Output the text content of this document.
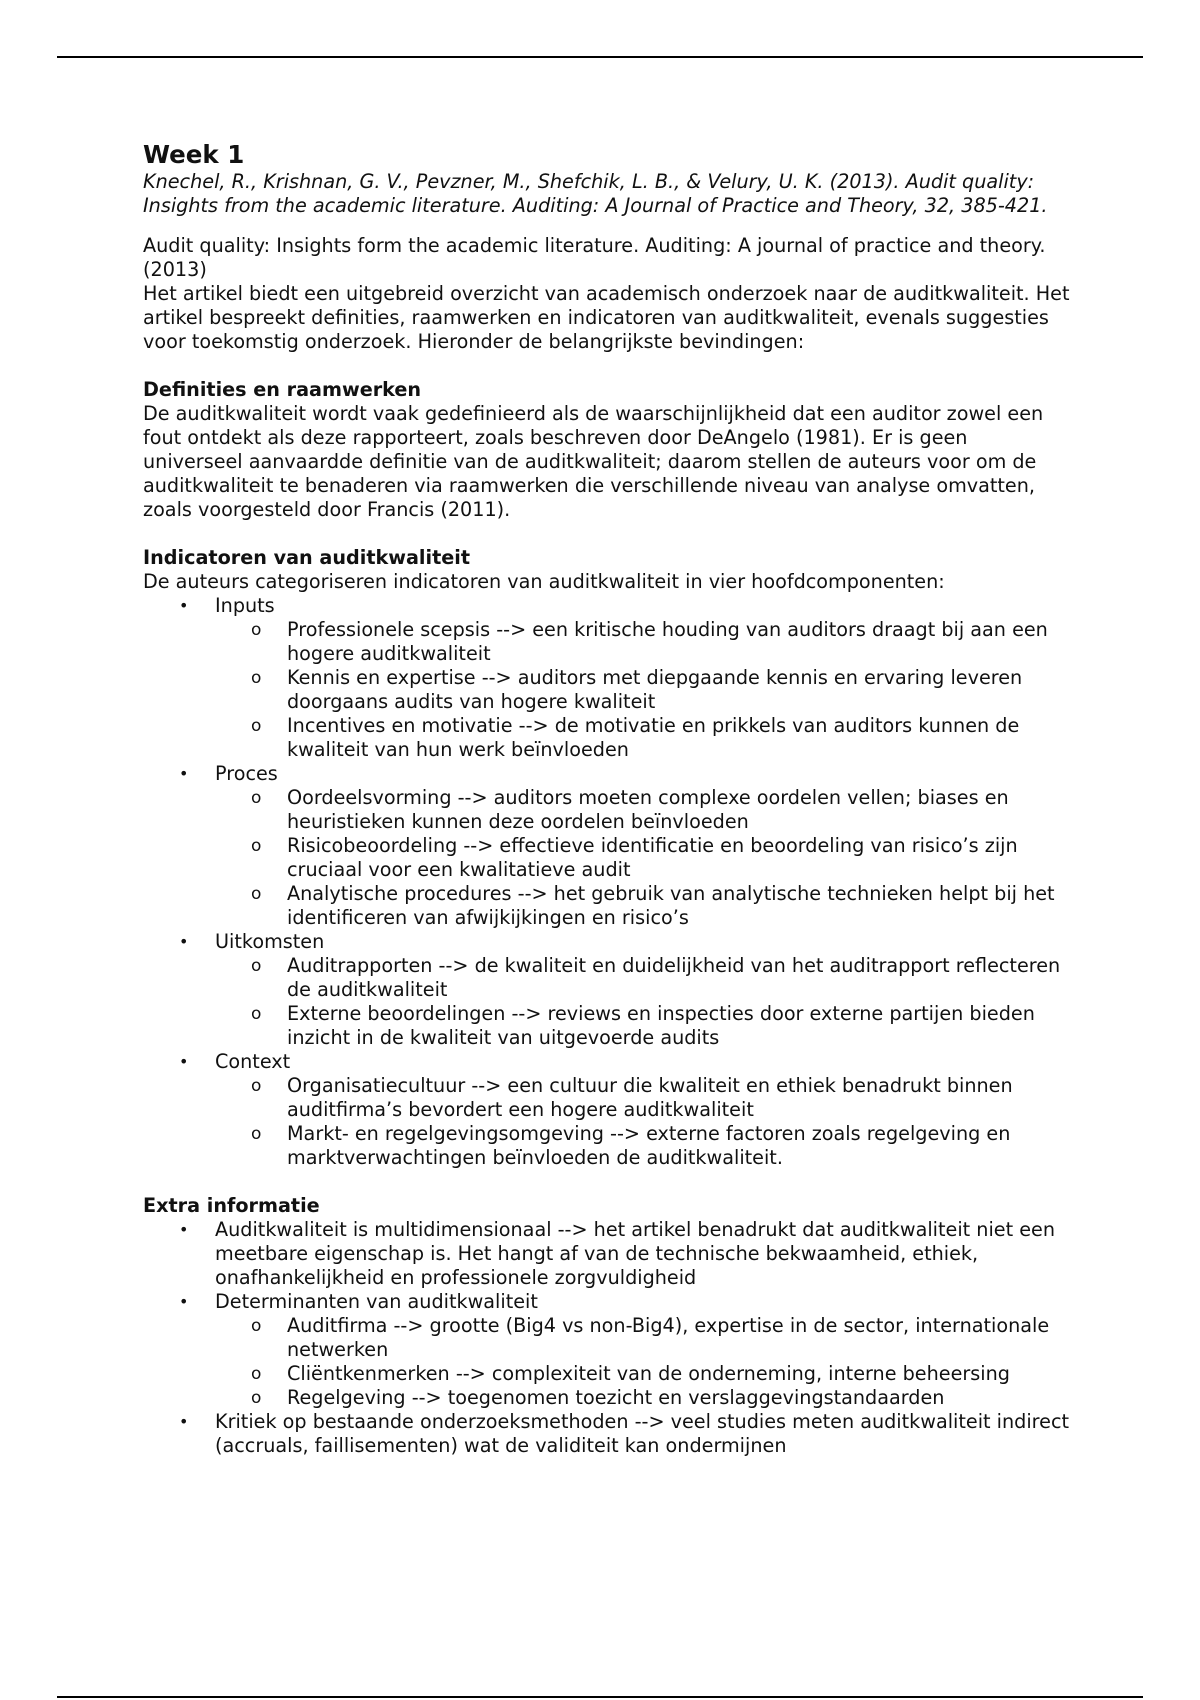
Week 1

Knechel, R., Krishnan, G. V., Pevzner, M., Shefchik, L. B., & Velury, U. K. (2013). Audit quality: Insights from the academic literature. Auditing: A Journal of Practice and Theory, 32, 385-421.

Audit quality: Insights form the academic literature. Auditing: A journal of practice and theory. (2013)

Het artikel biedt een uitgebreid overzicht van academisch onderzoek naar de auditkwaliteit. Het artikel bespreekt definities, raamwerken en indicatoren van auditkwaliteit, evenals suggesties voor toekomstig onderzoek. Hieronder de belangrijkste bevindingen:

Definities en raamwerken

De auditkwaliteit wordt vaak gedefinieerd als de waarschijnlijkheid dat een auditor zowel een fout ontdekt als deze rapporteert, zoals beschreven door DeAngelo (1981). Er is geen universeel aanvaardde definitie van de auditkwaliteit; daarom stellen de auteurs voor om de auditkwaliteit te benaderen via raamwerken die verschillende niveau van analyse omvatten, zoals voorgesteld door Francis (2011).

Indicatoren van auditkwaliteit

De auteurs categoriseren indicatoren van auditkwaliteit in vier hoofdcomponenten:

• Inputs
o Professionele scepsis --> een kritische houding van auditors draagt bij aan een hogere auditkwaliteit
o Kennis en expertise --> auditors met diepgaande kennis en ervaring leveren doorgaans audits van hogere kwaliteit
o Incentives en motivatie --> de motivatie en prikkels van auditors kunnen de kwaliteit van hun werk beïnvloeden
• Proces
o Oordeelsvorming --> auditors moeten complexe oordelen vellen; biases en heuristieken kunnen deze oordelen beïnvloeden
o Risicobeoordeling --> effectieve identificatie en beoordeling van risico’s zijn cruciaal voor een kwalitatieve audit
o Analytische procedures --> het gebruik van analytische technieken helpt bij het identificeren van afwijkijkingen en risico’s
• Uitkomsten
o Auditrapporten --> de kwaliteit en duidelijkheid van het auditrapport reflecteren de auditkwaliteit
o Externe beoordelingen --> reviews en inspecties door externe partijen bieden inzicht in de kwaliteit van uitgevoerde audits
• Context
o Organisatiecultuur --> een cultuur die kwaliteit en ethiek benadrukt binnen auditfirma’s bevordert een hogere auditkwaliteit
o Markt- en regelgevingsomgeving --> externe factoren zoals regelgeving en marktverwachtingen beïnvloeden de auditkwaliteit.

Extra informatie

• Auditkwaliteit is multidimensionaal --> het artikel benadrukt dat auditkwaliteit niet een meetbare eigenschap is. Het hangt af van de technische bekwaamheid, ethiek, onafhankelijkheid en professionele zorgvuldigheid
• Determinanten van auditkwaliteit
o Auditfirma --> grootte (Big4 vs non-Big4), expertise in de sector, internationale netwerken
o Cliëntkenmerken --> complexiteit van de onderneming, interne beheersing
o Regelgeving --> toegenomen toezicht en verslaggevingstandaarden
• Kritiek op bestaande onderzoeksmethoden --> veel studies meten auditkwaliteit indirect (accruals, faillisementen) wat de validiteit kan ondermijnen
